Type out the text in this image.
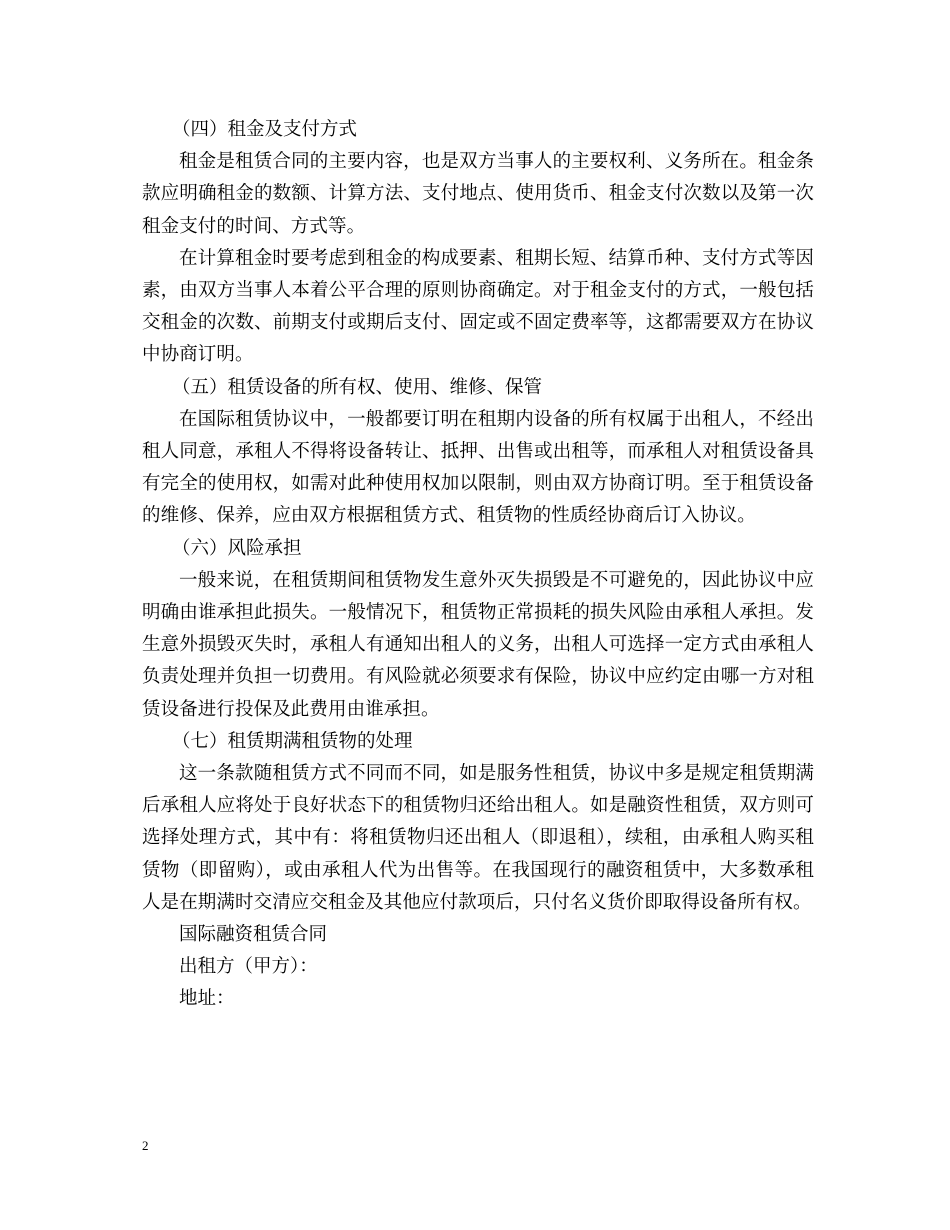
（四）租金及支付方式

租金是租赁合同的主要内容，也是双方当事人的主要权利、义务所在。租金条款应明确租金的数额、计算方法、支付地点、使用货币、租金支付次数以及第一次租金支付的时间、方式等。

在计算租金时要考虑到租金的构成要素、租期长短、结算币种、支付方式等因素，由双方当事人本着公平合理的原则协商确定。对于租金支付的方式，一般包括交租金的次数、前期支付或期后支付、固定或不固定费率等，这都需要双方在协议中协商订明。

（五）租赁设备的所有权、使用、维修、保管

在国际租赁协议中，一般都要订明在租期内设备的所有权属于出租人，不经出租人同意，承租人不得将设备转让、抵押、出售或出租等，而承租人对租赁设备具有完全的使用权，如需对此种使用权加以限制，则由双方协商订明。至于租赁设备的维修、保养，应由双方根据租赁方式、租赁物的性质经协商后订入协议。

（六）风险承担

一般来说，在租赁期间租赁物发生意外灭失损毁是不可避免的，因此协议中应明确由谁承担此损失。一般情况下，租赁物正常损耗的损失风险由承租人承担。发生意外损毁灭失时，承租人有通知出租人的义务，出租人可选择一定方式由承租人负责处理并负担一切费用。有风险就必须要求有保险，协议中应约定由哪一方对租赁设备进行投保及此费用由谁承担。

（七）租赁期满租赁物的处理

这一条款随租赁方式不同而不同，如是服务性租赁，协议中多是规定租赁期满后承租人应将处于良好状态下的租赁物归还给出租人。如是融资性租赁，双方则可选择处理方式，其中有：将租赁物归还出租人（即退租），续租，由承租人购买租赁物（即留购），或由承租人代为出售等。在我国现行的融资租赁中，大多数承租人是在期满时交清应交租金及其他应付款项后，只付名义货价即取得设备所有权。

国际融资租赁合同

出租方（甲方）：

地址：

2
